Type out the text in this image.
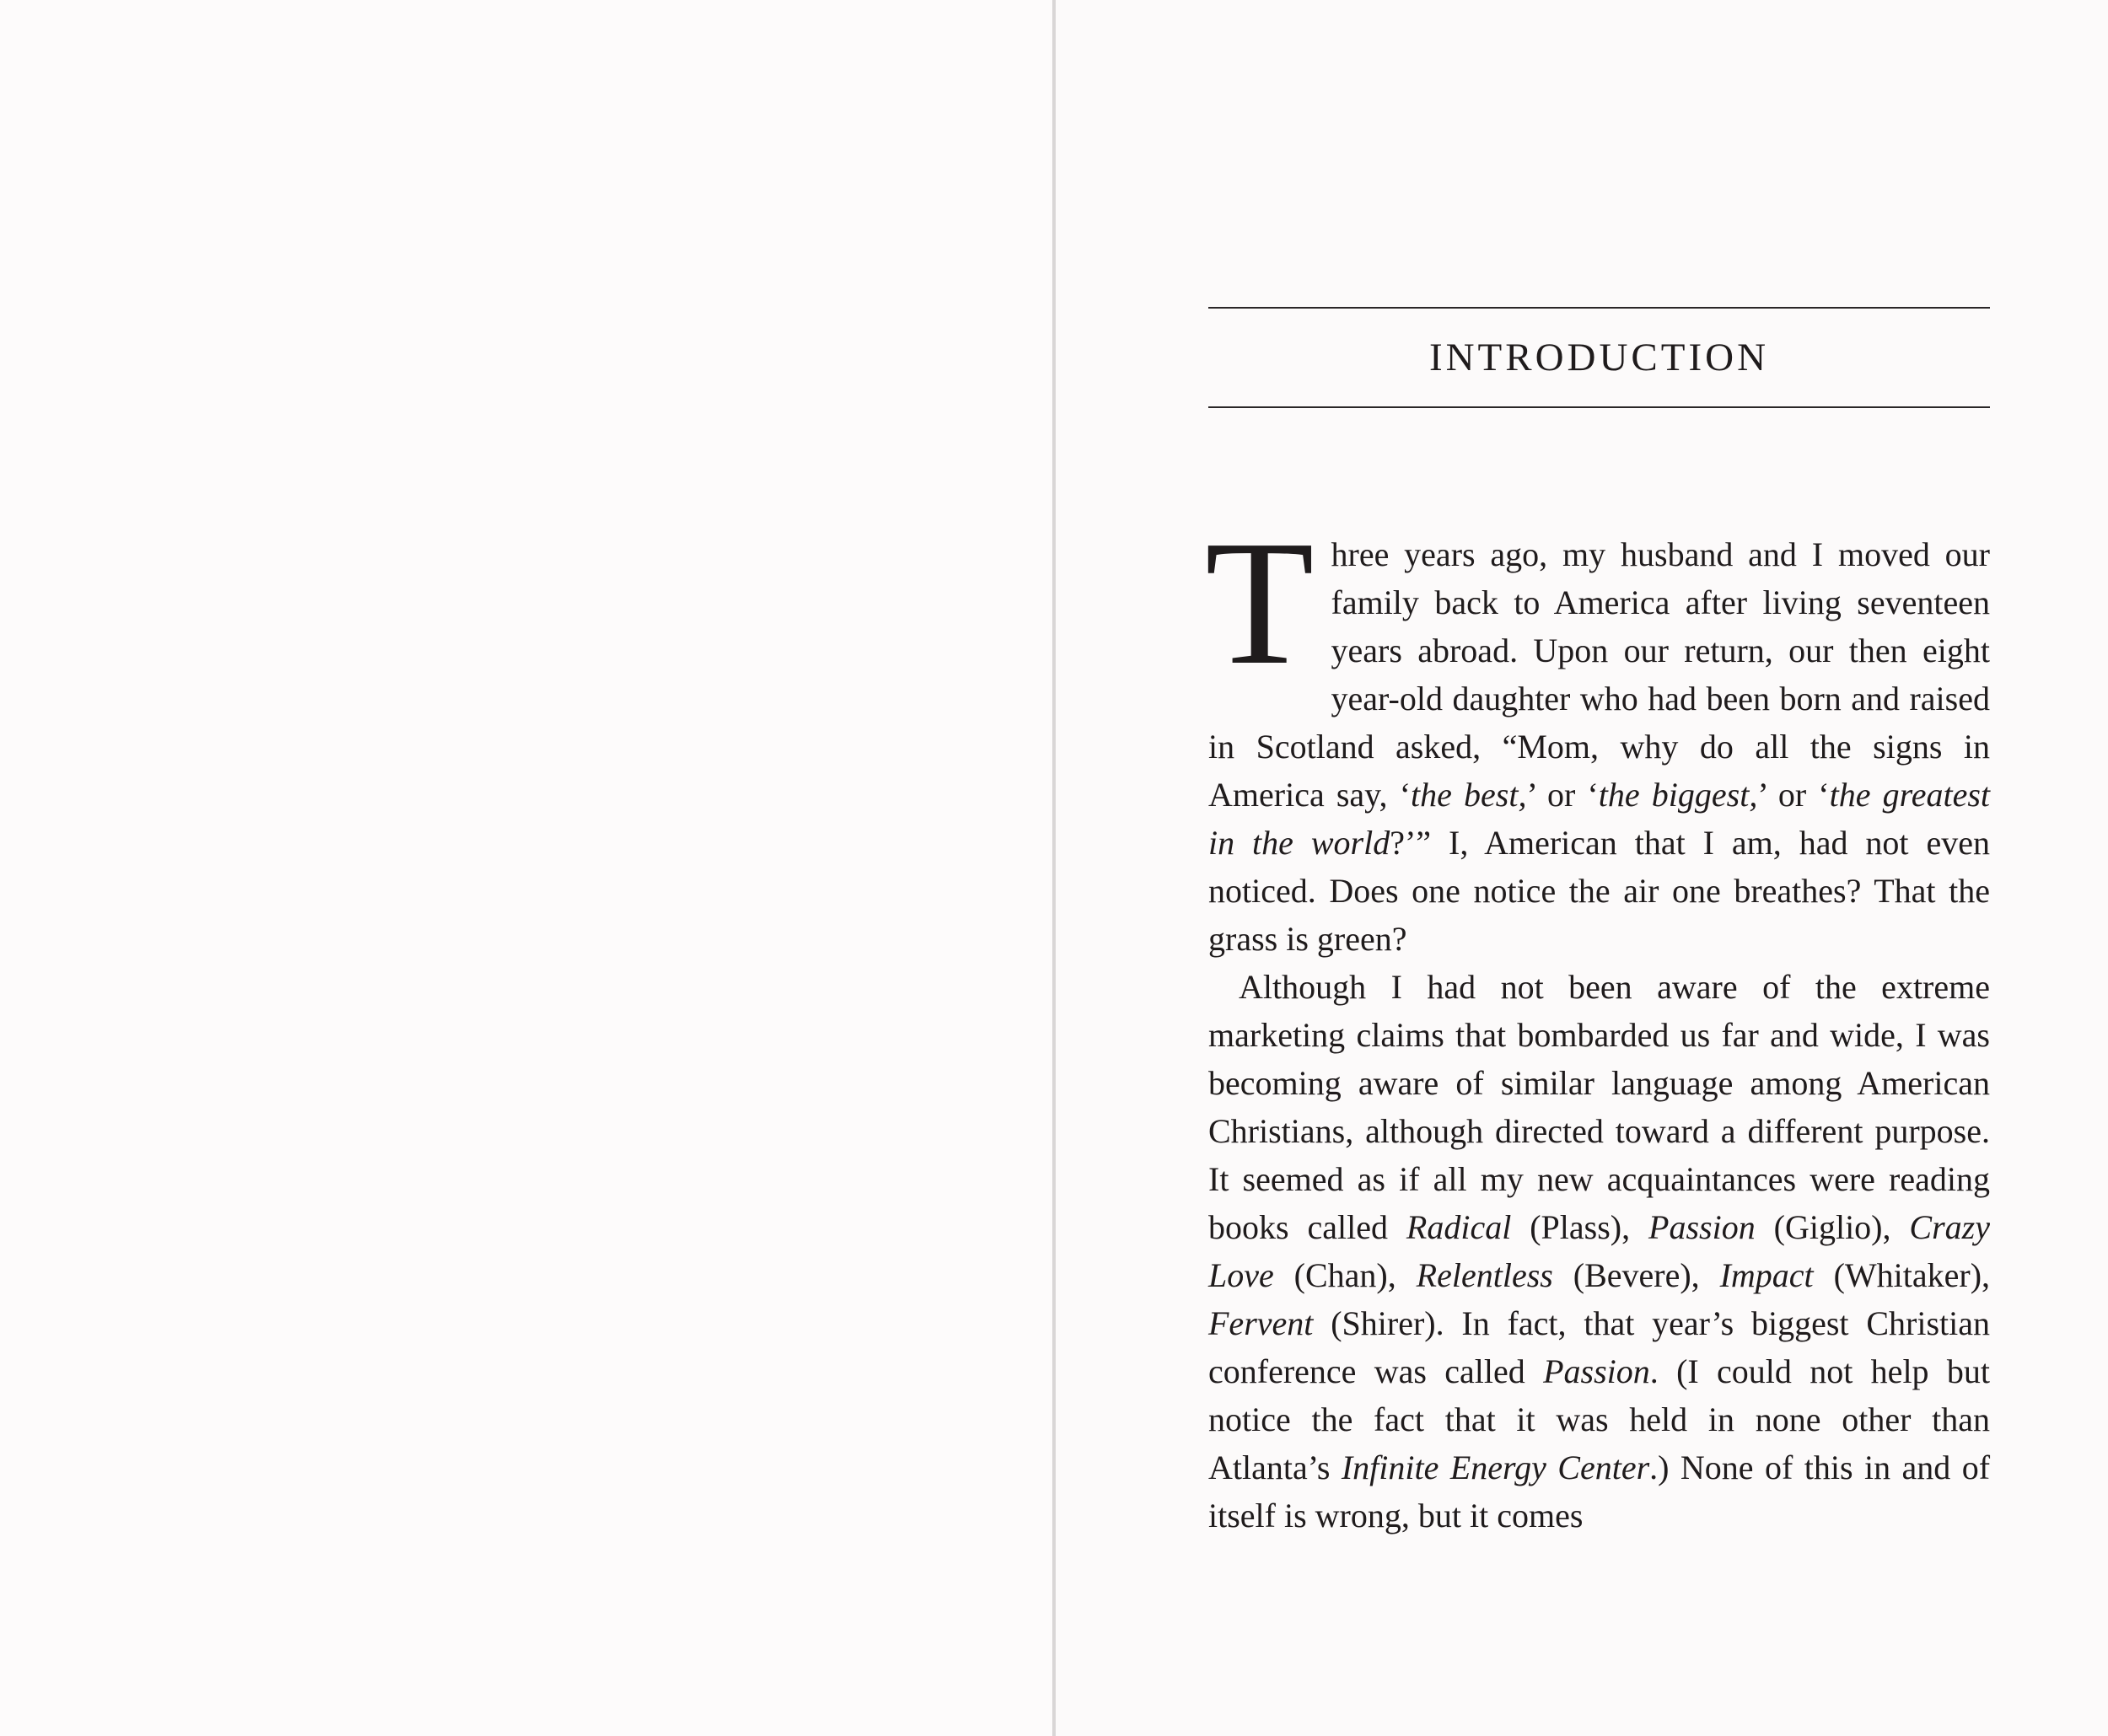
INTRODUCTION

Three years ago, my husband and I moved our family back to America after living seventeen years abroad. Upon our return, our then eight year-old daughter who had been born and raised in Scotland asked, “Mom, why do all the signs in America say, ‘the best,’ or ‘the biggest,’ or ‘the greatest in the world?’” I, American that I am, had not even noticed. Does one notice the air one breathes? That the grass is green?

Although I had not been aware of the extreme marketing claims that bombarded us far and wide, I was becoming aware of similar language among American Christians, although directed toward a different purpose. It seemed as if all my new acquaintances were reading books called Radical (Plass), Passion (Giglio), Crazy Love (Chan), Relentless (Bevere), Impact (Whitaker), Fervent (Shirer). In fact, that year’s biggest Christian conference was called Passion. (I could not help but notice the fact that it was held in none other than Atlanta’s Infinite Energy Center.) None of this in and of itself is wrong, but it comes
